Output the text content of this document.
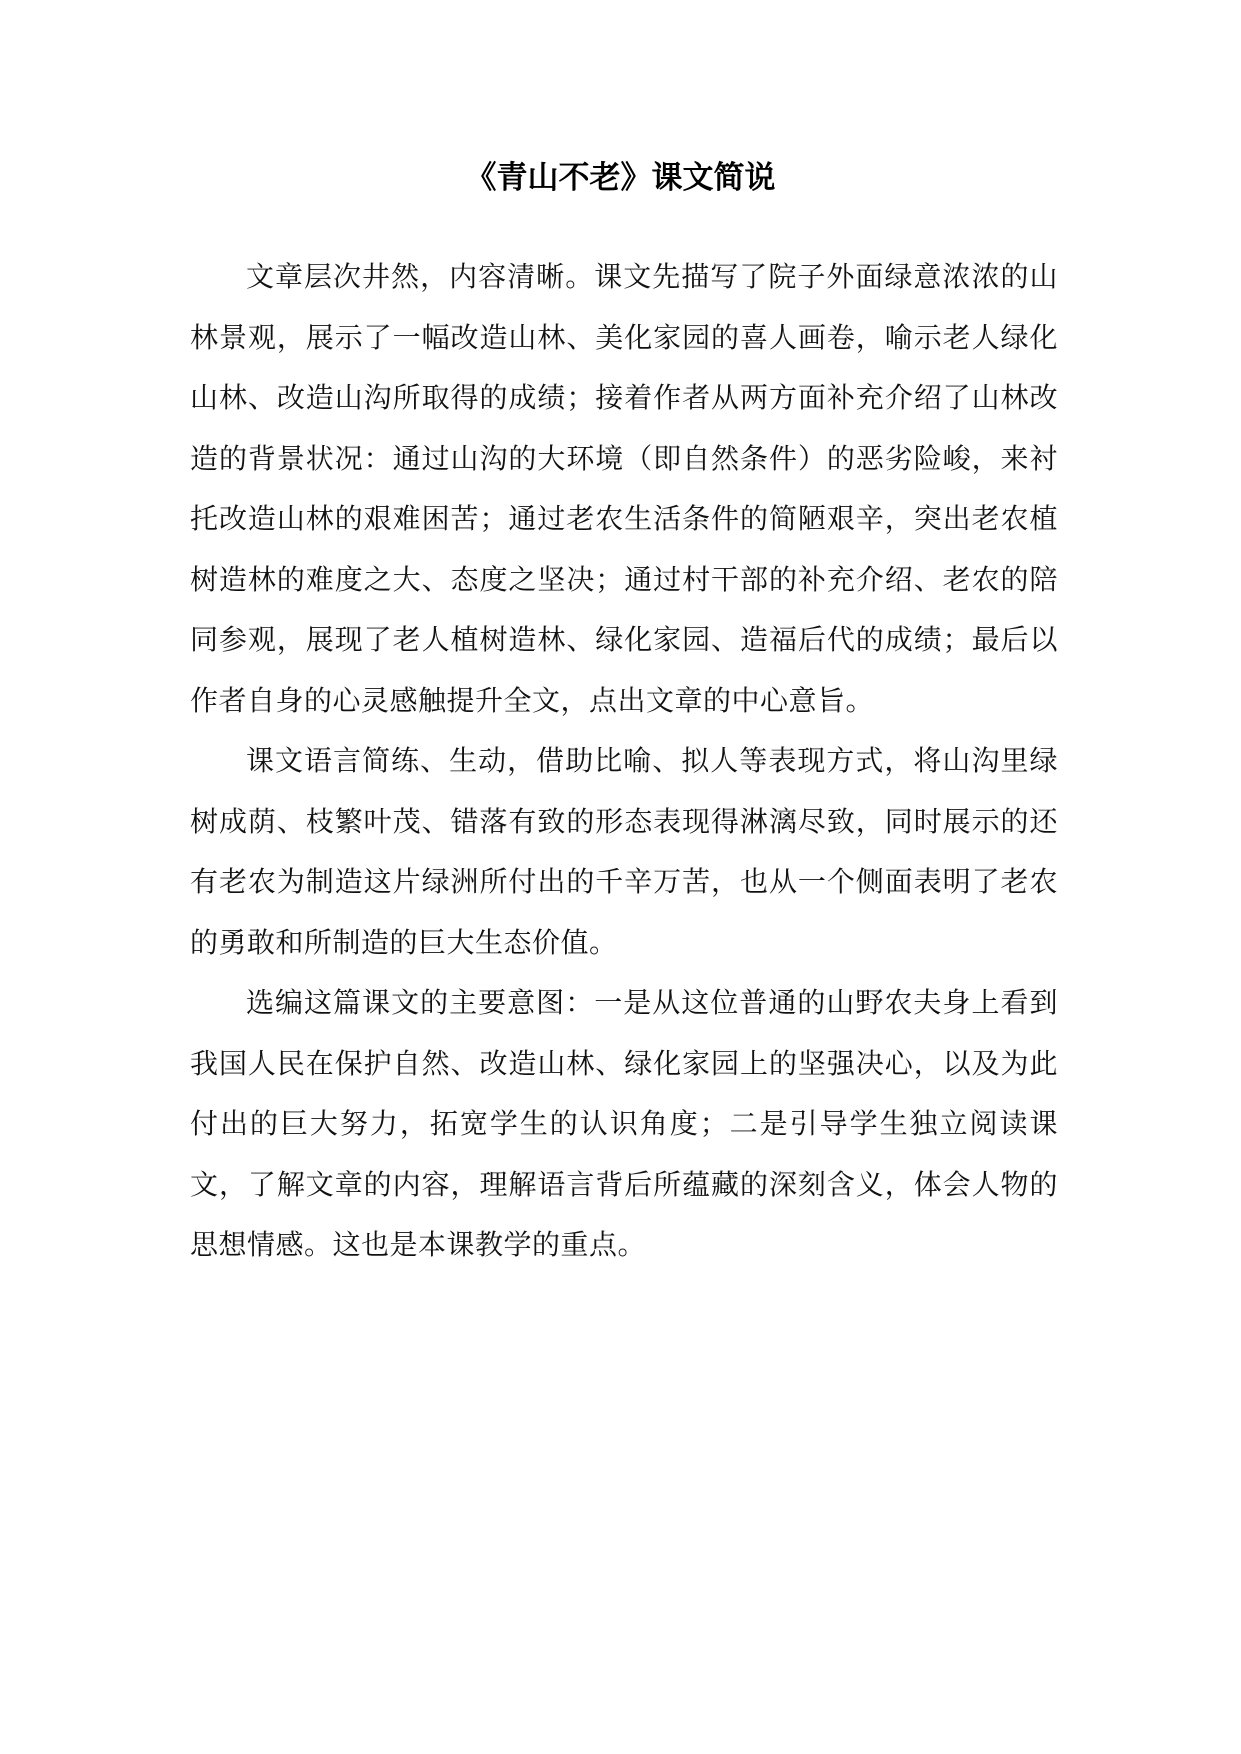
《青山不老》课文简说

文章层次井然，内容清晰。课文先描写了院子外面绿意浓浓的山林景观，展示了一幅改造山林、美化家园的喜人画卷，喻示老人绿化山林、改造山沟所取得的成绩；接着作者从两方面补充介绍了山林改造的背景状况：通过山沟的大环境（即自然条件）的恶劣险峻，来衬托改造山林的艰难困苦；通过老农生活条件的简陋艰辛，突出老农植树造林的难度之大、态度之坚决；通过村干部的补充介绍、老农的陪同参观，展现了老人植树造林、绿化家园、造福后代的成绩；最后以作者自身的心灵感触提升全文，点出文章的中心意旨。

课文语言简练、生动，借助比喻、拟人等表现方式，将山沟里绿树成荫、枝繁叶茂、错落有致的形态表现得淋漓尽致，同时展示的还有老农为制造这片绿洲所付出的千辛万苦，也从一个侧面表明了老农的勇敢和所制造的巨大生态价值。

选编这篇课文的主要意图：一是从这位普通的山野农夫身上看到我国人民在保护自然、改造山林、绿化家园上的坚强决心，以及为此付出的巨大努力，拓宽学生的认识角度；二是引导学生独立阅读课文，了解文章的内容，理解语言背后所蕴藏的深刻含义，体会人物的思想情感。这也是本课教学的重点。
